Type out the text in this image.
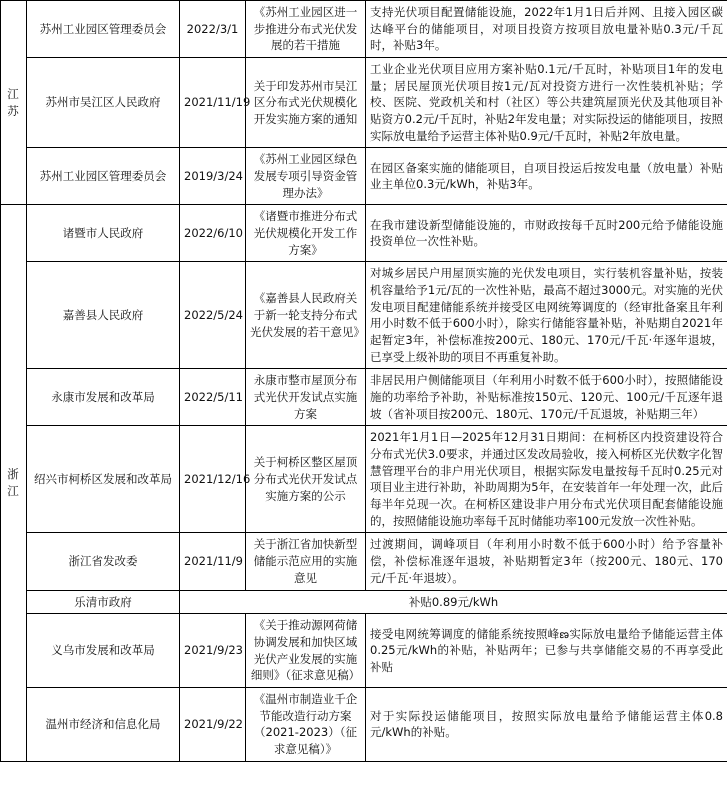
江苏	苏州工业园区管理委员会	2022/3/1	《苏州工业园区进一步推进分布式光伏发展的若干措施	支持光伏项目配置储能设施，2022年1月1日后并网、且接入园区碳达峰平台的储能项目，对项目投资方按项目放电量补贴0.3元/千瓦时，补贴3年。
	苏州市吴江区人民政府	2021/11/19	关于印发苏州市吴江区分布式光伏规模化开发实施方案的通知	工业企业光伏项目应用方案补贴0.1元/千瓦时，补贴项目1年的发电量；居民屋顶光伏项目按1元/瓦对投资方进行一次性装机补贴；学校、医院、党政机关和村（社区）等公共建筑屋顶光伏及其他项目补贴资方0.2元/千瓦时，补贴2年发电量；对实际投运的储能项目，按照实际放电量给予运营主体补贴0.9元/千瓦时，补贴2年放电量。
	苏州工业园区管理委员会	2019/3/24	《苏州工业园区绿色发展专项引导资金管理办法》	在园区备案实施的储能项目，自项目投运后按发电量（放电量）补贴业主单位0.3元/kWh，补贴3年。

浙江	诸暨市人民政府	2022/6/10	《诸暨市推进分布式光伏规模化开发工作方案》	在我市建设新型储能设施的，市财政按每千瓦时200元给予储能设施投资单位一次性补贴。
	嘉善县人民政府	2022/5/24	《嘉善县人民政府关于新一轮支持分布式光伏发展的若干意见》	对城乡居民户用屋顶实施的光伏发电项目，实行装机容量补贴，按装机容量给予1元/瓦的一次性补贴，最高不超过3000元。对实施的光伏发电项目配建储能系统并接受区电网统筹调度的（经审批备案且年利用小时数不低于600小时），除实行储能容量补贴，补贴期自2021年起暂定3年，补偿标准按200元、180元、170元/千瓦·年逐年退坡，已享受上级补助的项目不再重复补助。
	永康市发展和改革局	2022/5/11	永康市整市屋顶分布式光伏开发试点实施方案	非居民用户侧储能项目（年利用小时数不低于600小时），按照储能设施的功率给予补助，补贴标准按150元、120元、100元/千瓦逐年退坡（省补项目按200元、180元、170元/千瓦退坡，补贴期三年）
	绍兴市柯桥区发展和改革局	2021/12/16	关于柯桥区整区屋顶分布式光伏开发试点实施方案的公示	2021年1月1日—2025年12月31日期间：在柯桥区内投资建设符合分布式光伏3.0要求，并通过区发改局验收，接入柯桥区光伏数字化智慧管理平台的非户用光伏项目，根据实际发电量按每千瓦时0.25元对项目业主进行补助，补助周期为5年，在安装首年一年处理一次，此后每半年兑现一次。在柯桥区建设非户用分布式光伏项目配套储能设施的，按照储能设施功率每千瓦时储能功率100元发放一次性补贴。
	浙江省发改委	2021/11/9	关于浙江省加快新型储能示范应用的实施意见	过渡期间，调峰项目（年利用小时数不低于600小时）给予容量补偿，补偿标准逐年退坡，补贴期暂定3年（按200元、180元、170元/千瓦·年退坡）。
	乐清市政府	补贴0.89元/kWh		
	义乌市发展和改革局	2021/9/23	《关于推动源网荷储协调发展和加快区域光伏产业发展的实施细则》（征求意见稿）	接受电网统筹调度的储能系统按照峰ణ实际放电量给予储能运营主体0.25元/kWh的补贴，补贴两年；已参与共享储能交易的不再享受此补贴
	温州市经济和信息化局	2021/9/22	《温州市制造业千企节能改造行动方案（2021-2023）（征求意见稿）》	对于实际投运储能项目，按照实际放电量给予储能运营主体0.8元/kWh的补贴。
